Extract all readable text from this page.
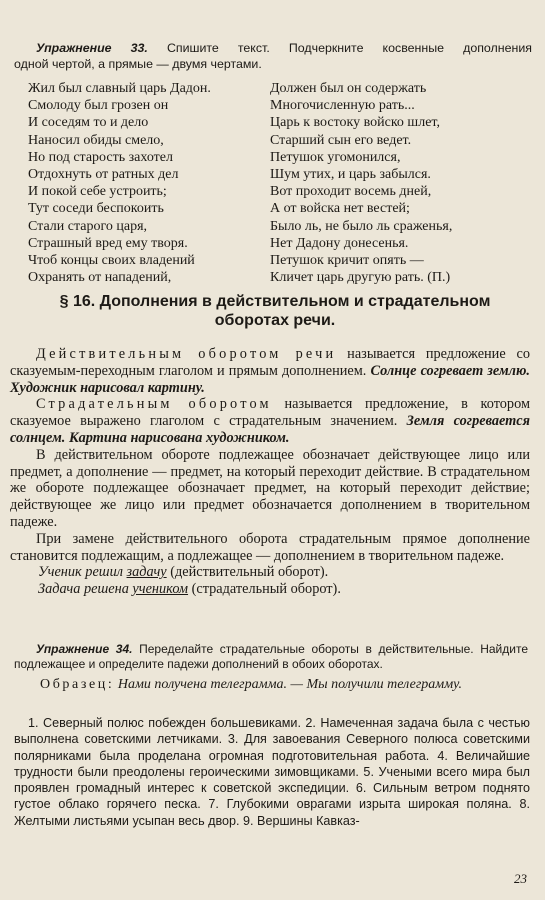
Упражнение 33. Спишите текст. Подчеркните косвенные дополнения
одной чертой, а прямые — двумя чертами.
Жил был славный царь Дадон.
Смолоду был грозен он
И соседям то и дело
Наносил обиды смело,
Но под старость захотел
Отдохнуть от ратных дел
И покой себе устроить;
Тут соседи беспокоить
Стали старого царя,
Страшный вред ему творя.
Чтоб концы своих владений
Охранять от нападений,
Должен был он содержать
Многочисленную рать...
Царь к востоку войско шлет,
Старший сын его ведет.
Петушок угомонился,
Шум утих, и царь забылся.
Вот проходит восемь дней,
А от войска нет вестей;
Было ль, не было ль сраженья,
Нет Дадону донесенья.
Петушок кричит опять —
Кличет царь другую рать. (П.)
§ 16. Дополнения в действительном и страдательном
оборотах речи.

Действительным оборотом речи называется предложение со сказуемым-переходным глаголом и прямым дополнением. Солнце согревает землю. Художник нарисовал картину.

Страдательным оборотом называется предложение, в котором сказуемое выражено глаголом с страдательным значением. Земля согревается солнцем. Картина нарисована художником.

В действительном обороте подлежащее обозначает действующее лицо или предмет, а дополнение — предмет, на который переходит действие. В страдательном же обороте подлежащее обозначает предмет, на который переходит действие; действующее же лицо или предмет обозначается дополнением в творительном падеже.

При замене действительного оборота страдательным прямое дополнение становится подлежащим, а подлежащее — дополнением в творительном падеже.

Ученик решил задачу (действительный оборот).
Задача решена учеником (страдательный оборот).
Упражнение 34. Переделайте страдательные обороты в действительные. Найдите подлежащее и определите падежи дополнений в обоих оборотах.
Образец: Нами получена телеграмма. — Мы получили телеграмму.

1. Северный полюс побежден большевиками. 2. Намеченная задача была с честью выполнена советскими летчиками. 3. Для завоевания Северного полюса советскими полярниками была проделана огромная подготовительная работа. 4. Величайшие трудности были преодолены героическими зимовщиками. 5. Учеными всего мира был проявлен громадный интерес к советской экспедиции. 6. Сильным ветром поднято густое облако горячего песка. 7. Глубокими оврагами изрыта широкая поляна. 8. Желтыми листьями усыпан весь двор. 9. Вершины Кавказ-

23
